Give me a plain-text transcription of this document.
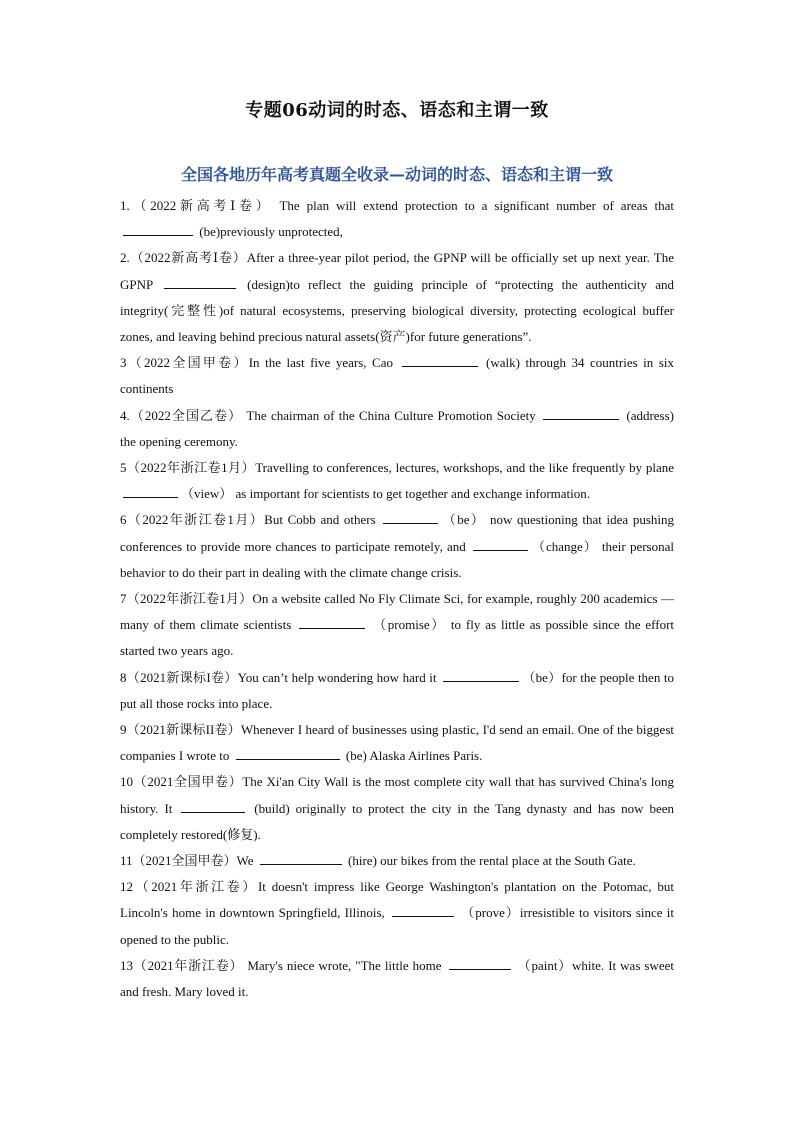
专题06动词的时态、语态和主谓一致
全国各地历年高考真题全收录—动词的时态、语态和主谓一致

1.（2022新高考Ⅰ卷） The plan will extend protection to a significant number of areas that  (be)previously unprotected,

2.（2022新高考Ⅰ卷）After a three-year pilot period, the GPNP will be officially set up next year. The GPNP	(design)to reflect the guiding principle of “protecting the authenticity and integrity(完整性)of natural ecosystems, preserving biological diversity, protecting ecological buffer zones, and leaving behind precious natural assets(资产)for future generations”.

3（2022全国甲卷）In the last five years, Cao	(walk) through 34 countries in six continents

4.（2022全国乙卷） The chairman of the China Culture Promotion Society	(address) the opening ceremony.

5（2022年浙江卷1月）Travelling to conferences, lectures, workshops, and the like frequently by plane （view） as important for scientists to get together and exchange information.

6（2022年浙江卷1月）But Cobb and others	（be） now questioning that idea pushing conferences to provide more chances to participate remotely, and	（change） their personal behavior to do their part in dealing with the climate change crisis.

7（2022年浙江卷1月）On a website called No Fly Climate Sci, for example, roughly 200 academics —many of them climate scientists	（promise） to fly as little as possible since the effort started two years ago.

8（2021新课标I卷）You can’t help wondering how hard it	（be）for the people then to put all those rocks into place.

9（2021新课标II卷）Whenever I heard of businesses using plastic, I'd send an email. One of the biggest companies I wrote to	(be) Alaska Airlines Paris.

10（2021全国甲卷）The Xi'an City Wall is the most complete city wall that has survived China's long history. It	(build) originally to protect the city in the Tang dynasty and has now been completely restored(修复).

11（2021全国甲卷）We	(hire) our bikes from the rental place at the South Gate.

12（2021年浙江卷）It doesn't impress like George Washington's plantation on the Potomac, but Lincoln's home in downtown Springfield, Illinois,	（prove）irresistible to visitors since it opened to the public.

13（2021年浙江卷） Mary's niece wrote, "The little home	（paint）white. It was sweet and fresh. Mary loved it.
